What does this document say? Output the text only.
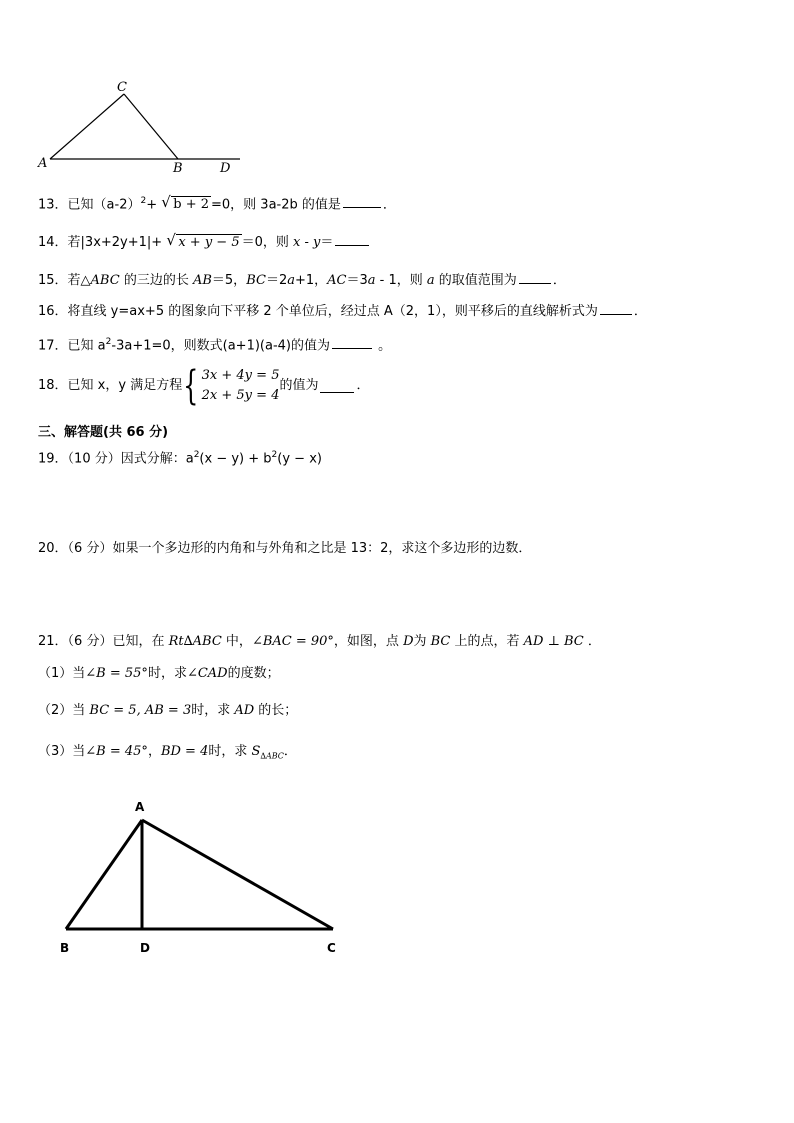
C
A	B	D
13．已知$(a-2)^2+$ √ b + 2 =0，则 3a-2b 的值是	．
14．若|3x+2y+1|+ √ x + y − 5 ＝0，则 x - y＝
15．若△ABC 的三边的长 AB＝5，BC＝2a+1，AC＝3a - 1，则 a 的取值范围为	．
16．将直线 y=ax+5 的图象向下平移 2 个单位后，经过点 A（2，1），则平移后的直线解析式为	．
17．已知 $a^2-3a+1=0$，则数式(a+1)(a-4)的值为	。
18．已知 x，y 满足方程{ 3x + 4y = 5
2x + 5y = 4的值为	．
三、解答题(共 66 分)
19．（10 分）因式分解：$a^2(x - y) + b^2(y - x)$
20．（6 分）如果一个多边形的内角和与外角和之比是 13：2，求这个多边形的边数．
21．（6 分）已知，在 Rt∆ABC 中，∠BAC = 90°，如图，点 D为 BC 上的点，若 AD ⊥ BC ．
（1）当∠B = 55°时，求∠CAD的度数；
（2）当 BC = 5, AB = 3时，求 AD 的长；
（3）当∠B = 45°，BD = 4时，求 $S_{\Delta ABC}$．
A
B	D	C
